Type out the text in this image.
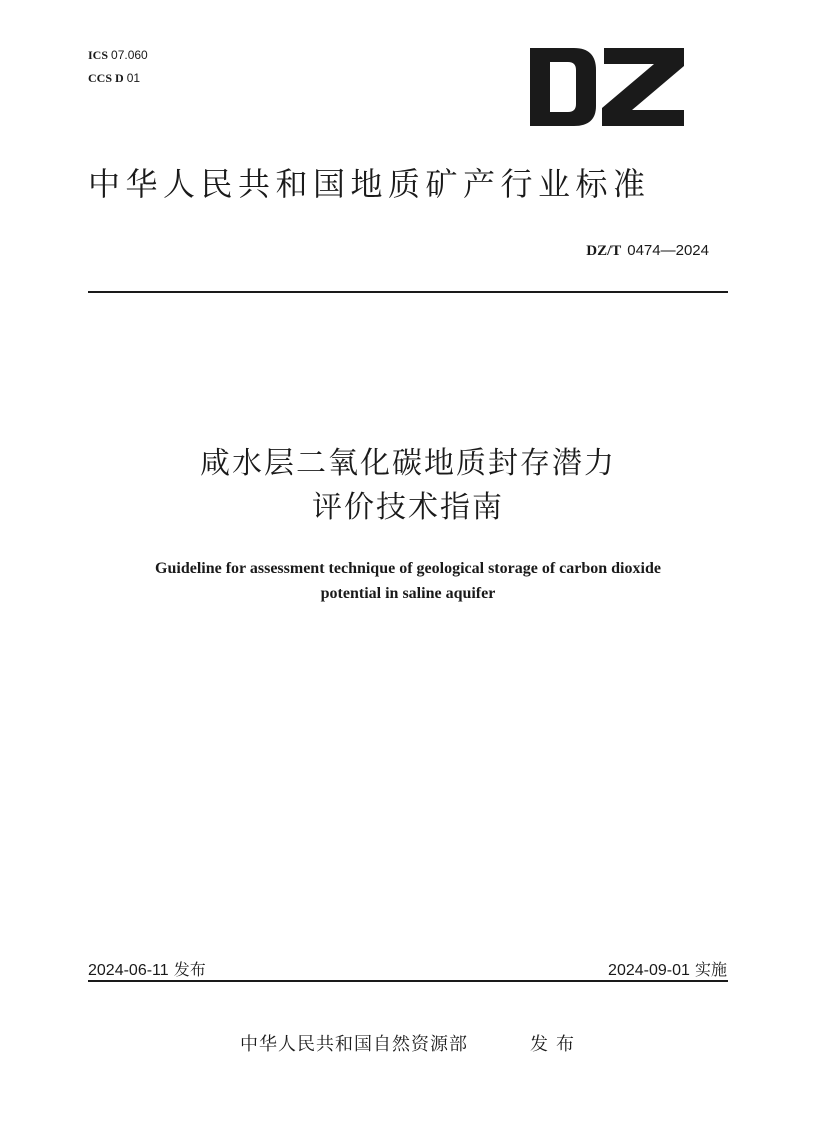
ICS 07.060
CCS D 01
中华人民共和国地质矿产行业标准
DZ/T 0474—2024
咸水层二氧化碳地质封存潜力
评价技术指南
Guideline for assessment technique of geological storage of carbon dioxide
potential in saline aquifer
2024-06-11 发布	2024-09-01 实施
中华人民共和国自然资源部	发布
